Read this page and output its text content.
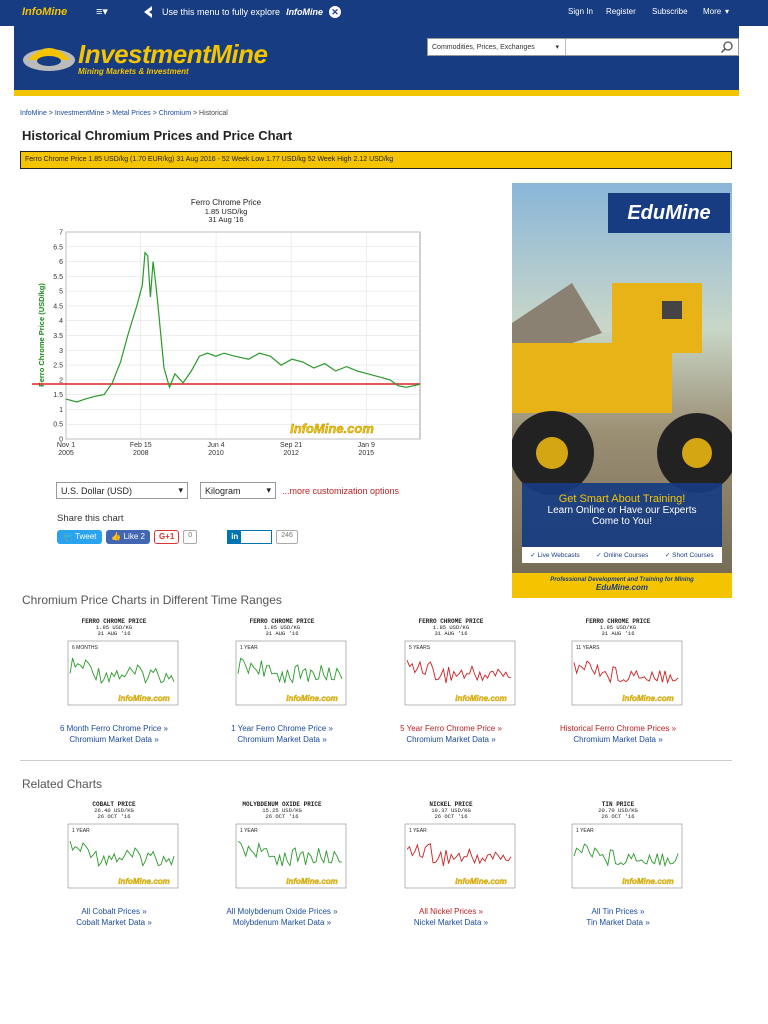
InfoMine	≡▾	Use this menu to fully explore InfoMine ✕	Sign In Register Subscribe More ▾
InvestmentMine
Mining Markets & Investment
Commodities, Prices, Exchanges	▾
InfoMine > InvestmentMine > Metal Prices > Chromium > Historical
Historical Chromium Prices and Price Chart
Ferro Chrome Price 1.85 USD/kg (1.70 EUR/kg) 31 Aug 2016 - 52 Week Low 1.77 USD/kg 52 Week High 2.12 USD/kg
Ferro Chrome Price
1.85 USD/kg
31 Aug '16
Ferro Chrome Price (USD/kg)
0
0.5
1
1.5
2
2.5
3
3.5
4
4.5
5
5.5
6
6.5
7
Nov 1
2005
Feb 15
2008
Jun 4
2010
Sep 21
2012
Jan 9
2015
InfoMine.com
U.S. Dollar (USD)	▾ Kilogram	▾ ...more customization options
Share this chart
🐦 Tweet	👍 Like 2	G+1	0	in	246
EduMine
Get Smart About Training!
Learn Online or Have our Experts
Come to You!
✓ Live Webcasts	✓ Online Courses	✓ Short Courses
Professional Development and Training for Mining
EduMine.com
Chromium Price Charts in Different Time Ranges
FERRO CHROME PRICE
1.85 USD/KG
31 AUG '16
6 MONTHS
InfoMine.com
6 Month Ferro Chrome Price »
Chromium Market Data »
FERRO CHROME PRICE
1.85 USD/KG
31 AUG '16
1 YEAR
InfoMine.com
1 Year Ferro Chrome Price »
Chromium Market Data »
FERRO CHROME PRICE
1.85 USD/KG
31 AUG '16
5 YEARS
InfoMine.com
5 Year Ferro Chrome Price »
Chromium Market Data »
FERRO CHROME PRICE
1.85 USD/KG
31 AUG '16
11 YEARS
InfoMine.com
Historical Ferro Chrome Prices »
Chromium Market Data »
Related Charts
COBALT PRICE
26.40 USD/KG
26 OCT '16
1 YEAR
InfoMine.com
All Cobalt Prices »
Cobalt Market Data »
MOLYBDENUM OXIDE PRICE
15.25 USD/KG
26 OCT '16
1 YEAR
InfoMine.com
All Molybdenum Oxide Prices »
Molybdenum Market Data »
NICKEL PRICE
10.37 USD/KG
26 OCT '16
1 YEAR
InfoMine.com
All Nickel Prices »
Nickel Market Data »
TIN PRICE
20.70 USD/KG
26 OCT '16
1 YEAR
InfoMine.com
All Tin Prices »
Tin Market Data »
